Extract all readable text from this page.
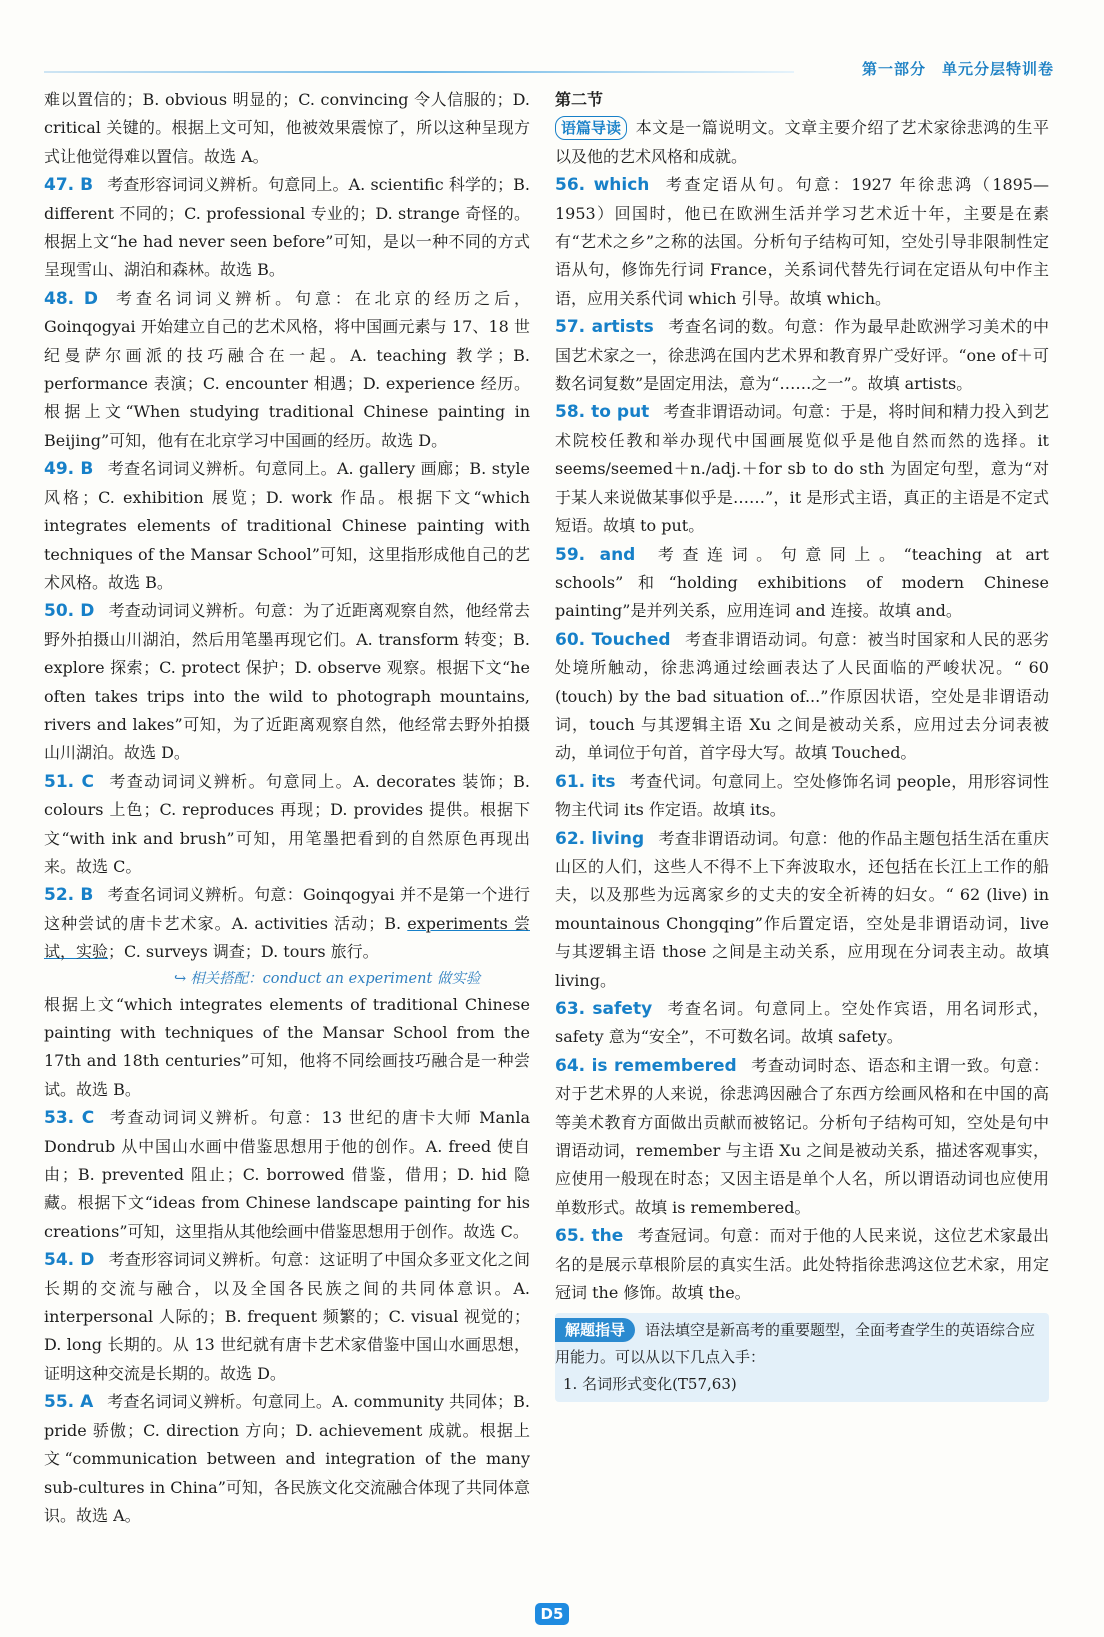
第一部分　单元分层特训卷
难以置信的；B. obvious 明显的；C. convincing 令人信服的；D. critical 关键的。根据上文可知，他被效果震惊了，所以这种呈现方式让他觉得难以置信。故选 A。
47. B 考查形容词词义辨析。句意同上。A. scientific 科学的；B. different 不同的；C. professional 专业的；D. strange 奇怪的。根据上文“he had never seen before”可知，是以一种不同的方式呈现雪山、湖泊和森林。故选 B。
48. D 考查名词词义辨析。句意：在北京的经历之后，Goinqogyai 开始建立自己的艺术风格，将中国画元素与 17、18 世纪曼萨尔画派的技巧融合在一起。A. teaching 教学；B. performance 表演；C. encounter 相遇；D. experience 经历。根据上文“When studying traditional Chinese painting in Beijing”可知，他有在北京学习中国画的经历。故选 D。
49. B 考查名词词义辨析。句意同上。A. gallery 画廊；B. style 风格；C. exhibition 展览；D. work 作品。根据下文“which integrates elements of traditional Chinese painting with techniques of the Mansar School”可知，这里指形成他自己的艺术风格。故选 B。
50. D 考查动词词义辨析。句意：为了近距离观察自然，他经常去野外拍摄山川湖泊，然后用笔墨再现它们。A. transform 转变；B. explore 探索；C. protect 保护；D. observe 观察。根据下文“he often takes trips into the wild to photograph mountains, rivers and lakes”可知，为了近距离观察自然，他经常去野外拍摄山川湖泊。故选 D。
51. C 考查动词词义辨析。句意同上。A. decorates 装饰；B. colours 上色；C. reproduces 再现；D. provides 提供。根据下文“with ink and brush”可知，用笔墨把看到的自然原色再现出来。故选 C。
52. B 考查名词词义辨析。句意：Goinqogyai 并不是第一个进行这种尝试的唐卡艺术家。A. activities 活动；B. experiments 尝试，实验；C. surveys 调查；D. tours 旅行。
↪ 相关搭配：conduct an experiment 做实验
根据上文“which integrates elements of traditional Chinese painting with techniques of the Mansar School from the 17th and 18th centuries”可知，他将不同绘画技巧融合是一种尝试。故选 B。
53. C 考查动词词义辨析。句意：13 世纪的唐卡大师 Manla Dondrub 从中国山水画中借鉴思想用于他的创作。A. freed 使自由；B. prevented 阻止；C. borrowed 借鉴，借用；D. hid 隐藏。根据下文“ideas from Chinese landscape painting for his creations”可知，这里指从其他绘画中借鉴思想用于创作。故选 C。
54. D 考查形容词词义辨析。句意：这证明了中国众多亚文化之间长期的交流与融合，以及全国各民族之间的共同体意识。A. interpersonal 人际的；B. frequent 频繁的；C. visual 视觉的；D. long 长期的。从 13 世纪就有唐卡艺术家借鉴中国山水画思想，证明这种交流是长期的。故选 D。
55. A 考查名词词义辨析。句意同上。A. community 共同体；B. pride 骄傲；C. direction 方向；D. achievement 成就。根据上文“communication between and integration of the many sub-cultures in China”可知，各民族文化交流融合体现了共同体意识。故选 A。
第二节
语篇导读 本文是一篇说明文。文章主要介绍了艺术家徐悲鸿的生平以及他的艺术风格和成就。
56. which 考查定语从句。句意：1927 年徐悲鸿（1895—1953）回国时，他已在欧洲生活并学习艺术近十年，主要是在素有“艺术之乡”之称的法国。分析句子结构可知，空处引导非限制性定语从句，修饰先行词 France，关系词代替先行词在定语从句中作主语，应用关系代词 which 引导。故填 which。
57. artists 考查名词的数。句意：作为最早赴欧洲学习美术的中国艺术家之一，徐悲鸿在国内艺术界和教育界广受好评。“one of＋可数名词复数”是固定用法，意为“……之一”。故填 artists。
58. to put 考查非谓语动词。句意：于是，将时间和精力投入到艺术院校任教和举办现代中国画展览似乎是他自然而然的选择。it seems/seemed＋n./adj.＋for sb to do sth 为固定句型，意为“对于某人来说做某事似乎是……”，it 是形式主语，真正的主语是不定式短语。故填 to put。
59. and 考查连词。句意同上。“teaching at art schools”和“holding exhibitions of modern Chinese painting”是并列关系，应用连词 and 连接。故填 and。
60. Touched 考查非谓语动词。句意：被当时国家和人民的恶劣处境所触动，徐悲鸿通过绘画表达了人民面临的严峻状况。“ 60 (touch) by the bad situation of...”作原因状语，空处是非谓语动词，touch 与其逻辑主语 Xu 之间是被动关系，应用过去分词表被动，单词位于句首，首字母大写。故填 Touched。
61. its 考查代词。句意同上。空处修饰名词 people，用形容词性物主代词 its 作定语。故填 its。
62. living 考查非谓语动词。句意：他的作品主题包括生活在重庆山区的人们，这些人不得不上下奔波取水，还包括在长江上工作的船夫，以及那些为远离家乡的丈夫的安全祈祷的妇女。“ 62 (live) in mountainous Chongqing”作后置定语，空处是非谓语动词，live 与其逻辑主语 those 之间是主动关系，应用现在分词表主动。故填 living。
63. safety 考查名词。句意同上。空处作宾语，用名词形式，safety 意为“安全”，不可数名词。故填 safety。
64. is remembered 考查动词时态、语态和主谓一致。句意：对于艺术界的人来说，徐悲鸿因融合了东西方绘画风格和在中国的高等美术教育方面做出贡献而被铭记。分析句子结构可知，空处是句中谓语动词，remember 与主语 Xu 之间是被动关系，描述客观事实，应使用一般现在时态；又因主语是单个人名，所以谓语动词也应使用单数形式。故填 is remembered。
65. the 考查冠词。句意：而对于他的人民来说，这位艺术家最出名的是展示草根阶层的真实生活。此处特指徐悲鸿这位艺术家，用定冠词 the 修饰。故填 the。
解题指导 语法填空是新高考的重要题型，全面考查学生的英语综合应用能力。可以从以下几点入手：
1. 名词形式变化(T57,63)
D5
